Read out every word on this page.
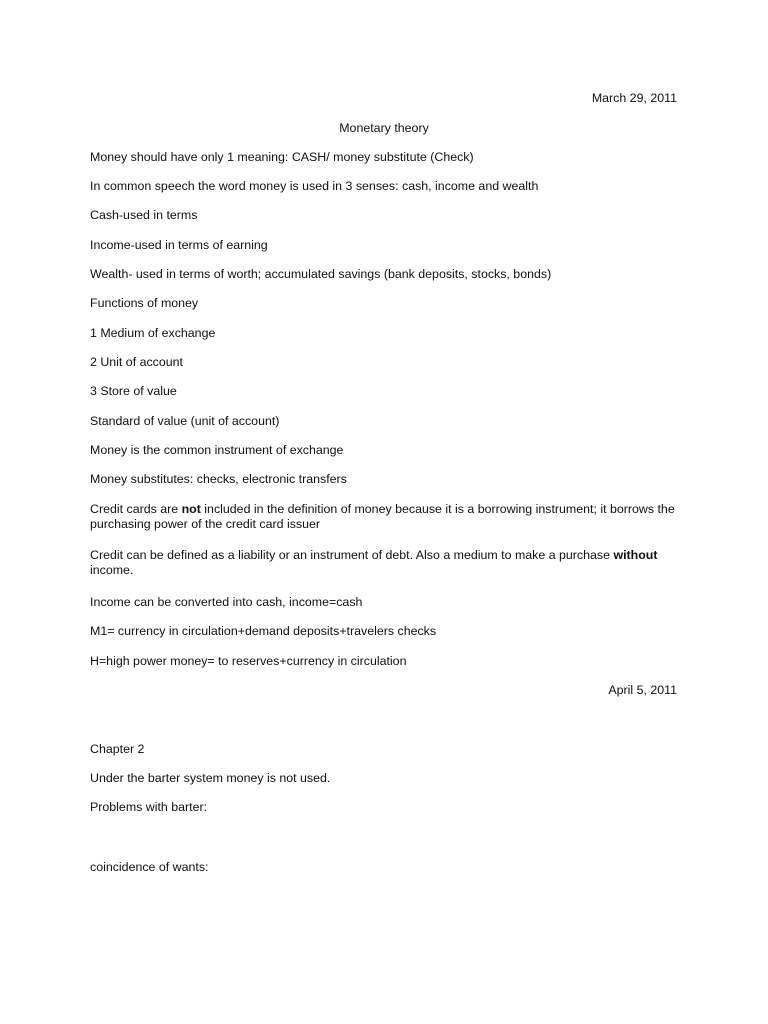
March 29, 2011
Monetary theory
Money should have only 1 meaning: CASH/ money substitute (Check)
In common speech the word money is used in 3 senses: cash, income and wealth
Cash-used in terms
Income-used in terms of earning
Wealth- used in terms of worth; accumulated savings (bank deposits, stocks, bonds)
Functions of money
1 Medium of exchange
2 Unit of account
3 Store of value
Standard of value (unit of account)
Money is the common instrument of exchange
Money substitutes: checks, electronic transfers
Credit cards are not included in the definition of money because it is a borrowing instrument; it borrows the purchasing power of the credit card issuer
Credit can be defined as a liability or an instrument of debt. Also a medium to make a purchase without income.
Income can be converted into cash, income=cash
M1= currency in circulation+demand deposits+travelers checks
H=high power money= to reserves+currency in circulation
April 5, 2011
Chapter 2
Under the barter system money is not used.
Problems with barter:
coincidence of wants:
